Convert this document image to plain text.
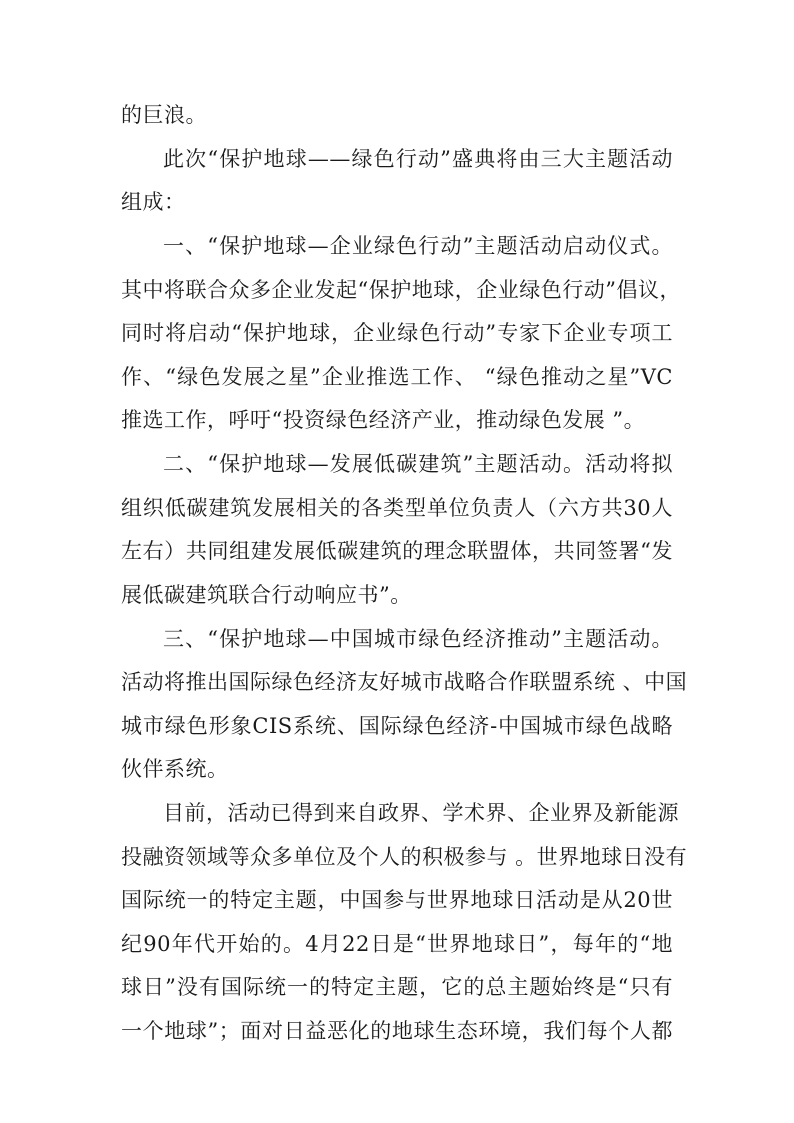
的巨浪。

此次“保护地球——绿色行动”盛典将由三大主题活动

组成：

一、“保护地球—企业绿色行动”主题活动启动仪式。

其中将联合众多企业发起“保护地球，企业绿色行动”倡议，

同时将启动“保护地球，企业绿色行动”专家下企业专项工

作、“绿色发展之星”企业推选工作、 “绿色推动之星”VC

推选工作，呼吁“投资绿色经济产业，推动绿色发展 ”。

二、“保护地球—发展低碳建筑”主题活动。活动将拟

组织低碳建筑发展相关的各类型单位负责人（六方共30人

左右）共同组建发展低碳建筑的理念联盟体，共同签署“发

展低碳建筑联合行动响应书”。

三、“保护地球—中国城市绿色经济推动”主题活动。

活动将推出国际绿色经济友好城市战略合作联盟系统 、中国

城市绿色形象CIS系统、国际绿色经济-中国城市绿色战略

伙伴系统。

目前，活动已得到来自政界、学术界、企业界及新能源

投融资领域等众多单位及个人的积极参与 。世界地球日没有

国际统一的特定主题，中国参与世界地球日活动是从20世

纪90年代开始的。4月22日是“世界地球日”，每年的“地

球日”没有国际统一的特定主题，它的总主题始终是“只有

一个地球”；面对日益恶化的地球生态环境，我们每个人都
